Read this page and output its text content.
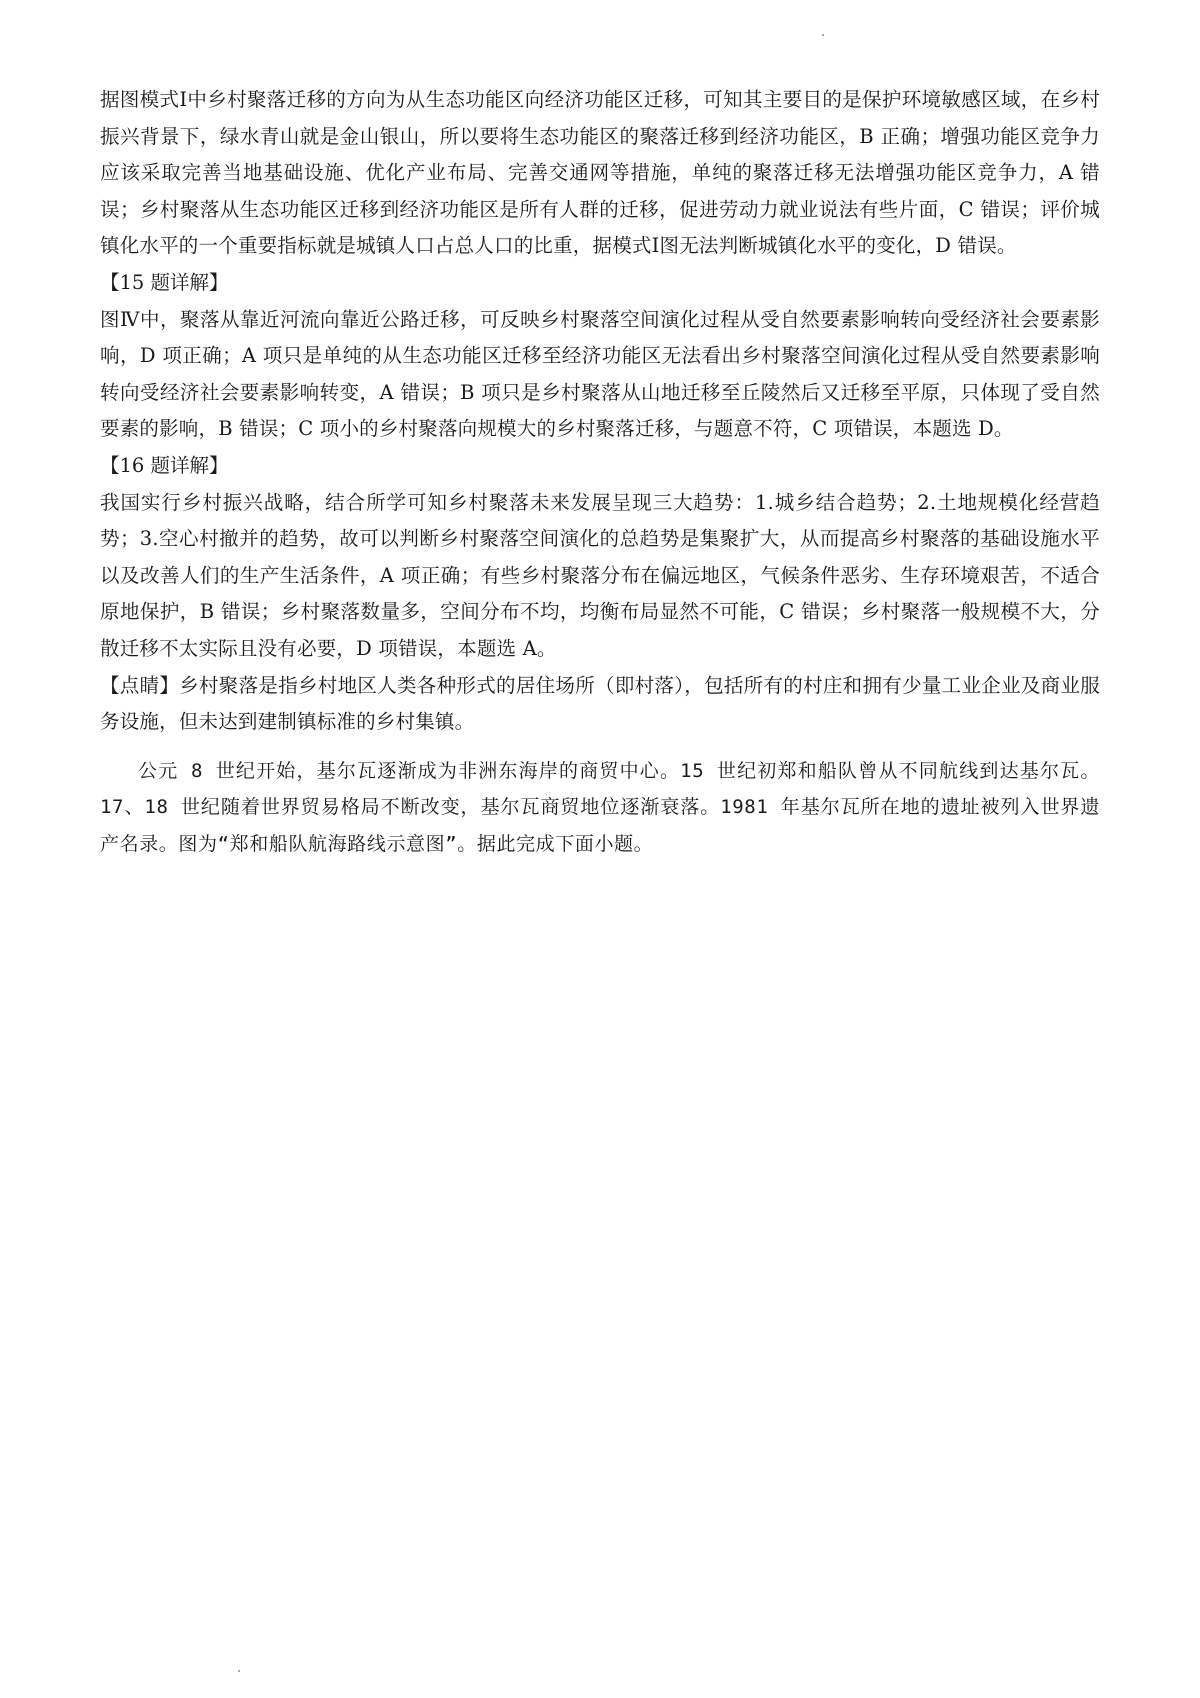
据图模式Ⅰ中乡村聚落迁移的方向为从生态功能区向经济功能区迁移，可知其主要目的是保护环境敏感区域，在乡村振兴背景下，绿水青山就是金山银山，所以要将生态功能区的聚落迁移到经济功能区，B 正确；增强功能区竞争力应该采取完善当地基础设施、优化产业布局、完善交通网等措施，单纯的聚落迁移无法增强功能区竞争力，A 错误；乡村聚落从生态功能区迁移到经济功能区是所有人群的迁移，促进劳动力就业说法有些片面，C 错误；评价城镇化水平的一个重要指标就是城镇人口占总人口的比重，据模式Ⅰ图无法判断城镇化水平的变化，D 错误。

【15 题详解】

图Ⅳ中，聚落从靠近河流向靠近公路迁移，可反映乡村聚落空间演化过程从受自然要素影响转向受经济社会要素影响，D 项正确；A 项只是单纯的从生态功能区迁移至经济功能区无法看出乡村聚落空间演化过程从受自然要素影响转向受经济社会要素影响转变，A 错误；B 项只是乡村聚落从山地迁移至丘陵然后又迁移至平原，只体现了受自然要素的影响，B 错误；C 项小的乡村聚落向规模大的乡村聚落迁移，与题意不符，C 项错误，本题选 D。

【16 题详解】

我国实行乡村振兴战略，结合所学可知乡村聚落未来发展呈现三大趋势：1.城乡结合趋势；2.土地规模化经营趋势；3.空心村撤并的趋势，故可以判断乡村聚落空间演化的总趋势是集聚扩大，从而提高乡村聚落的基础设施水平以及改善人们的生产生活条件，A 项正确；有些乡村聚落分布在偏远地区，气候条件恶劣、生存环境艰苦，不适合原地保护，B 错误；乡村聚落数量多，空间分布不均，均衡布局显然不可能，C 错误；乡村聚落一般规模不大，分散迁移不太实际且没有必要，D 项错误，本题选 A。

【点睛】乡村聚落是指乡村地区人类各种形式的居住场所（即村落），包括所有的村庄和拥有少量工业企业及商业服务设施，但未达到建制镇标准的乡村集镇。

公元 8 世纪开始，基尔瓦逐渐成为非洲东海岸的商贸中心。15 世纪初郑和船队曾从不同航线到达基尔瓦。17、18 世纪随着世界贸易格局不断改变，基尔瓦商贸地位逐渐衰落。1981 年基尔瓦所在地的遗址被列入世界遗产名录。图为“郑和船队航海路线示意图”。据此完成下面小题。
